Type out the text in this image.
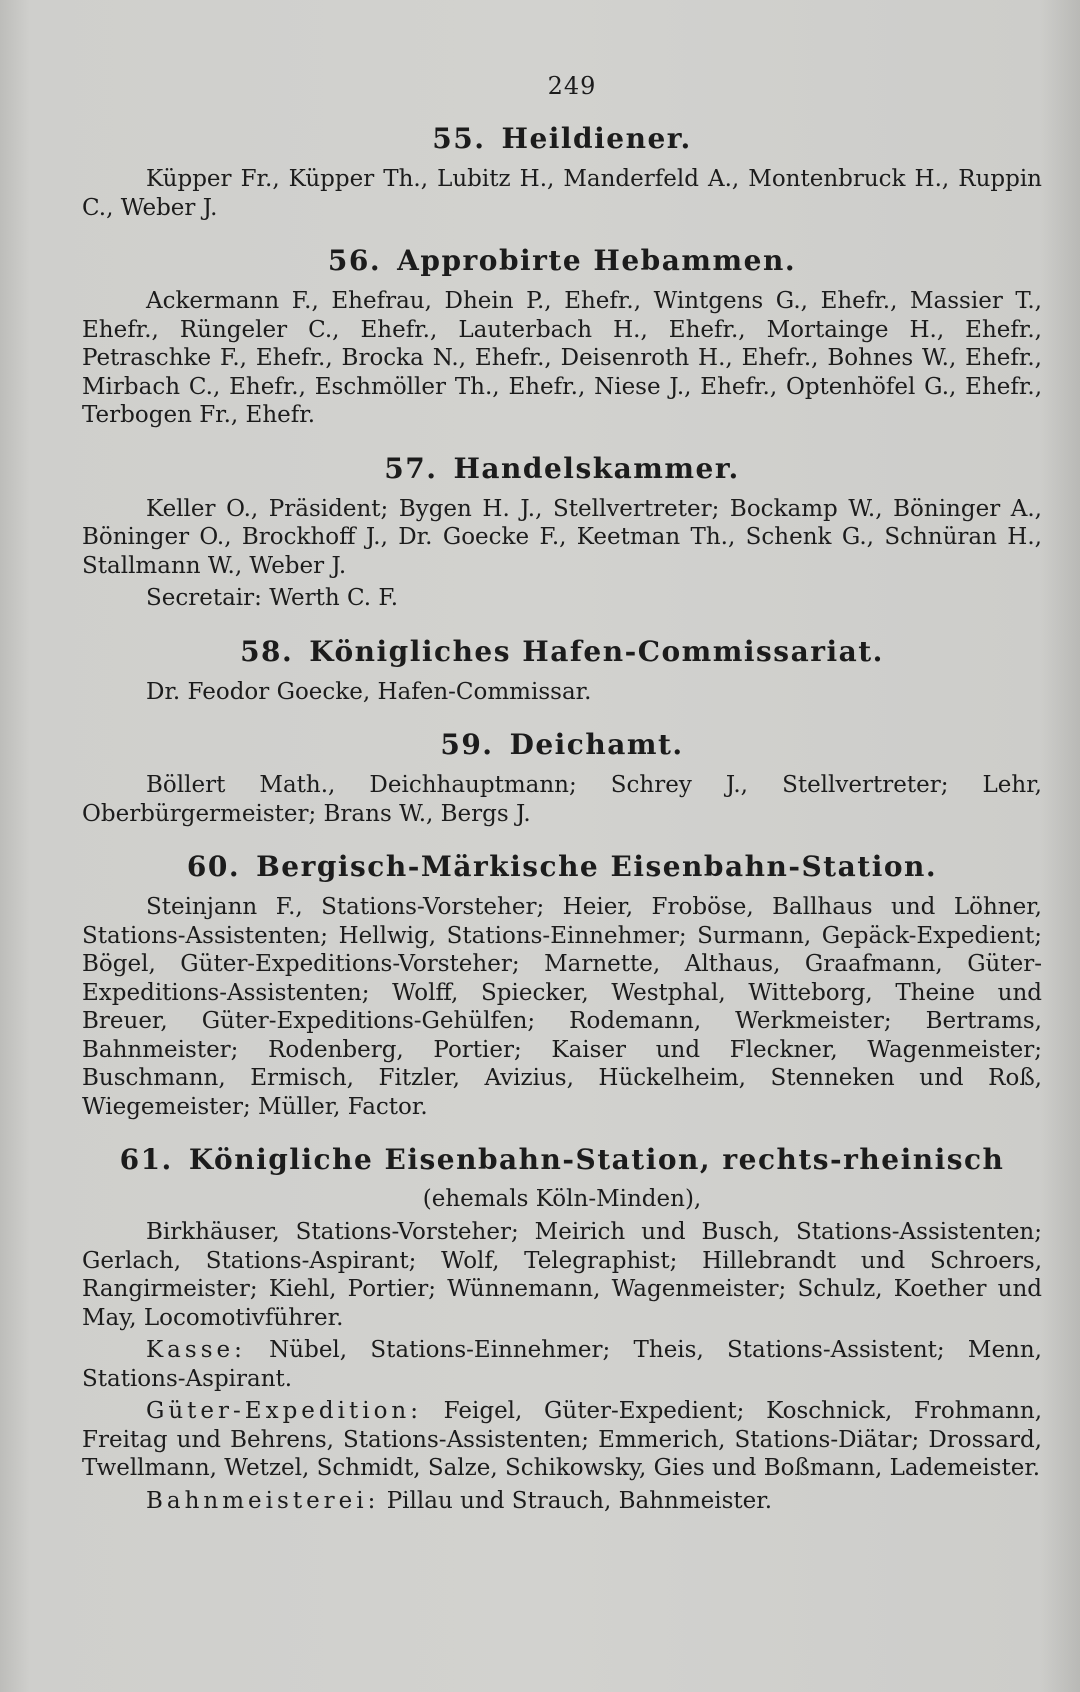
249
55. Heildiener.

Küpper Fr., Küpper Th., Lubitz H., Manderfeld A., Montenbruck H., Ruppin C., Weber J.

56. Approbirte Hebammen.

Ackermann F., Ehefrau, Dhein P., Ehefr., Wintgens G., Ehefr., Massier T., Ehefr., Rüngeler C., Ehefr., Lauterbach H., Ehefr., Mortainge H., Ehefr., Petraschke F., Ehefr., Brocka N., Ehefr., Deisenroth H., Ehefr., Bohnes W., Ehefr., Mirbach C., Ehefr., Eschmöller Th., Ehefr., Niese J., Ehefr., Optenhöfel G., Ehefr., Terbogen Fr., Ehefr.

57. Handelskammer.

Keller O., Präsident; Bygen H. J., Stellvertreter; Bockamp W., Böninger A., Böninger O., Brockhoff J., Dr. Goecke F., Keetman Th., Schenk G., Schnüran H., Stallmann W., Weber J.

Secretair: Werth C. F.

58. Königliches Hafen-Commissariat.

Dr. Feodor Goecke, Hafen-Commissar.

59. Deichamt.

Böllert Math., Deichhauptmann; Schrey J., Stellvertreter; Lehr, Oberbürgermeister; Brans W., Bergs J.

60. Bergisch-Märkische Eisenbahn-Station.

Steinjann F., Stations-Vorsteher; Heier, Froböse, Ballhaus und Löhner, Stations-Assistenten; Hellwig, Stations-Einnehmer; Surmann, Gepäck-Expedient; Bögel, Güter-Expeditions-Vorsteher; Marnette, Althaus, Graafmann, Güter-Expeditions-Assistenten; Wolff, Spiecker, Westphal, Witteborg, Theine und Breuer, Güter-Expeditions-Gehülfen; Rodemann, Werkmeister; Bertrams, Bahnmeister; Rodenberg, Portier; Kaiser und Fleckner, Wagenmeister; Buschmann, Ermisch, Fitzler, Avizius, Hückelheim, Stenneken und Roß, Wiegemeister; Müller, Factor.

61. Königliche Eisenbahn-Station, rechts-rheinisch
(ehemals Köln-Minden),

Birkhäuser, Stations-Vorsteher; Meirich und Busch, Stations-Assistenten; Gerlach, Stations-Aspirant; Wolf, Telegraphist; Hillebrandt und Schroers, Rangirmeister; Kiehl, Portier; Wünnemann, Wagenmeister; Schulz, Koether und May, Locomotivführer.

Kasse: Nübel, Stations-Einnehmer; Theis, Stations-Assistent; Menn, Stations-Aspirant.

Güter-Expedition: Feigel, Güter-Expedient; Koschnick, Frohmann, Freitag und Behrens, Stations-Assistenten; Emmerich, Stations-Diätar; Drossard, Twellmann, Wetzel, Schmidt, Salze, Schikowsky, Gies und Boßmann, Lademeister.

Bahnmeisterei: Pillau und Strauch, Bahnmeister.
